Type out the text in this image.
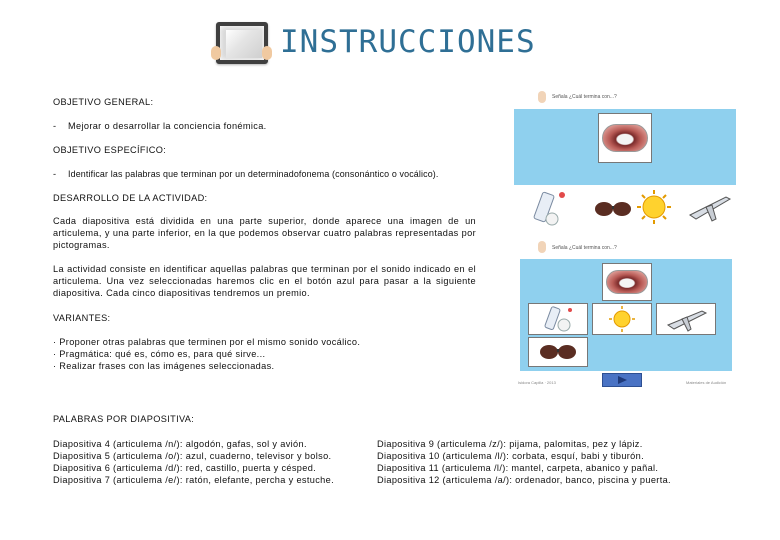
INSTRUCCIONES
OBJETIVO GENERAL:
- Mejorar o desarrollar la conciencia fonémica.
OBJETIVO ESPECÍFICO:
- Identificar las palabras que terminan por un determinadofonema (consonántico o vocálico).
DESARROLLO DE LA ACTIVIDAD:
Cada diapositiva está dividida en una parte superior, donde aparece una imagen de un articulema, y una parte inferior, en la que podemos observar cuatro palabras representadas por pictogramas.
La actividad consiste en identificar aquellas palabras que terminan por el sonido indicado en el articulema. Una vez seleccionadas haremos clic en el botón azul para pasar a la siguiente diapositiva. Cada cinco diapositivas tendremos un premio.
VARIANTES:
· Proponer otras palabras que terminen por el mismo sonido vocálico.
· Pragmática: qué es, cómo es, para qué sirve...
· Realizar frases con las imágenes seleccionadas.
PALABRAS POR DIAPOSITIVA:
Diapositiva 4 (articulema /n/): algodón, gafas, sol y avión.
Diapositiva 5 (articulema /o/): azul, cuaderno, televisor y bolso.
Diapositiva 6 (articulema /d/): red, castillo, puerta y césped.
Diapositiva 7 (articulema /e/): ratón, elefante, percha y estuche.
Diapositiva 9 (articulema /z/): pijama, palomitas, pez y lápiz.
Diapositiva 10 (articulema /l/): corbata, esquí, babi y tiburón.
Diapositiva 11 (articulema /l/): mantel, carpeta, abanico y pañal.
Diapositiva 12 (articulema /a/): ordenador, banco, piscina y puerta.
Señala ¿Cuál termina con...?
Señala ¿Cuál termina con...?
Isidora Capilla · 2013	Materiales de Audición
